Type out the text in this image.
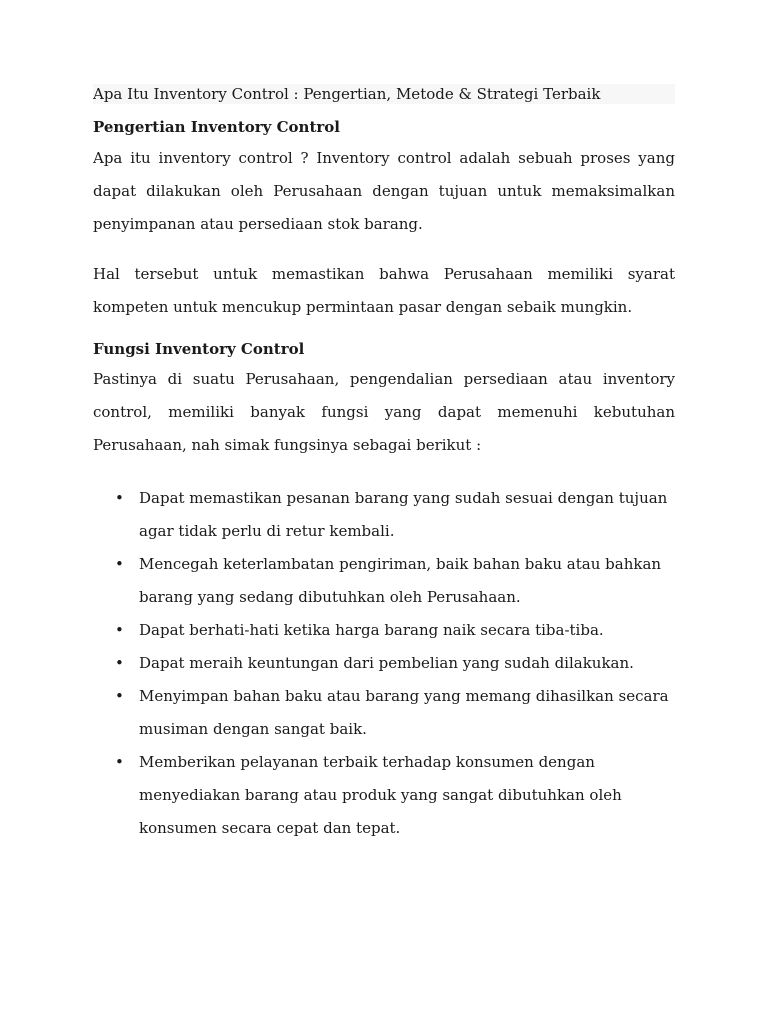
Apa Itu Inventory Control : Pengertian, Metode & Strategi Terbaik
Pengertian Inventory Control

Apa itu inventory control ? Inventory control adalah sebuah proses yang dapat dilakukan oleh Perusahaan dengan tujuan untuk memaksimalkan penyimpanan atau persediaan stok barang.

Hal tersebut untuk memastikan bahwa Perusahaan memiliki syarat kompeten untuk mencukup permintaan pasar dengan sebaik mungkin.

Fungsi Inventory Control

Pastinya di suatu Perusahaan, pengendalian persediaan atau inventory control, memiliki banyak fungsi yang dapat memenuhi kebutuhan Perusahaan, nah simak fungsinya sebagai berikut :

• Dapat memastikan pesanan barang yang sudah sesuai dengan tujuan agar tidak perlu di retur kembali.
• Mencegah keterlambatan pengiriman, baik bahan baku atau bahkan barang yang sedang dibutuhkan oleh Perusahaan.
• Dapat berhati-hati ketika harga barang naik secara tiba-tiba.
• Dapat meraih keuntungan dari pembelian yang sudah dilakukan.
• Menyimpan bahan baku atau barang yang memang dihasilkan secara musiman dengan sangat baik.
• Memberikan pelayanan terbaik terhadap konsumen dengan menyediakan barang atau produk yang sangat dibutuhkan oleh konsumen secara cepat dan tepat.
